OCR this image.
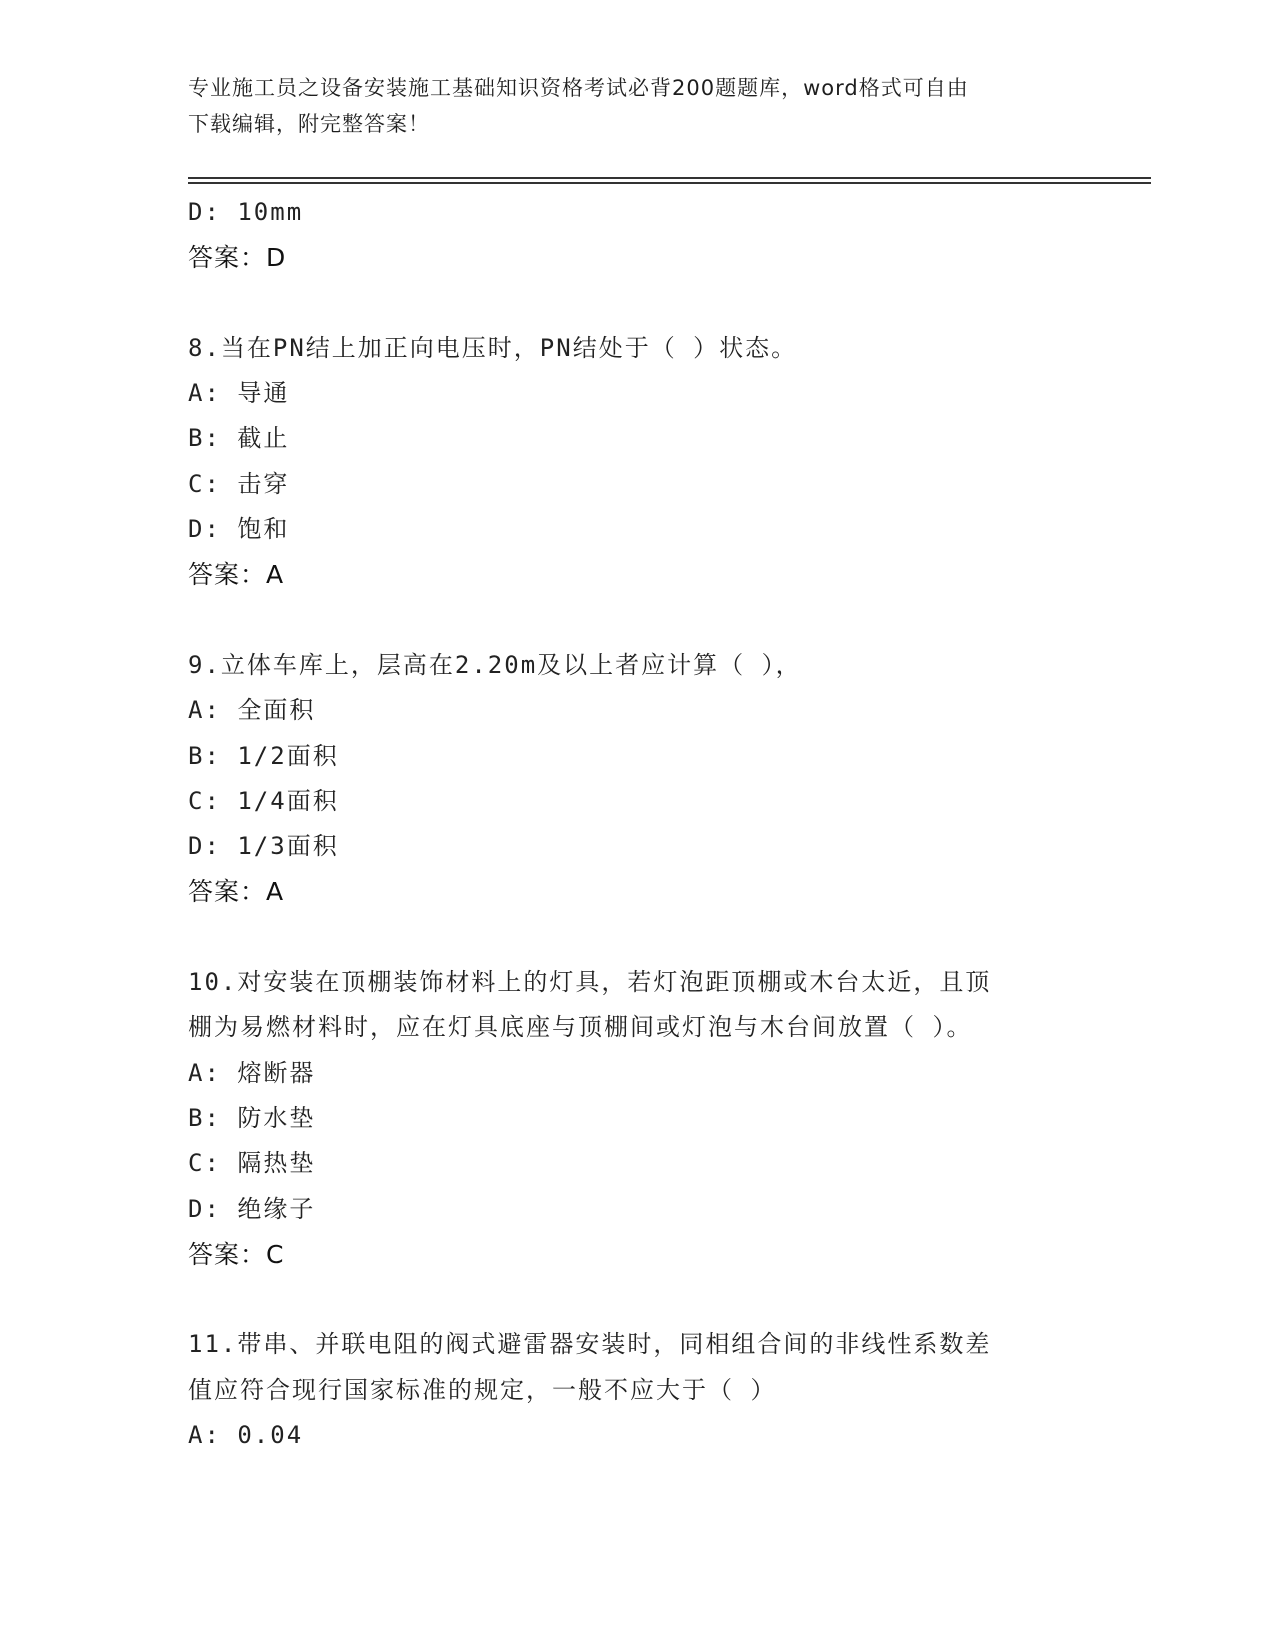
专业施工员之设备安装施工基础知识资格考试必背200题题库，word格式可自由
下载编辑，附完整答案！
D: 10mm
答案：D
8.当在PN结上加正向电压时，PN结处于（ ）状态。
A: 导通
B: 截止
C: 击穿
D: 饱和
答案：A
9.立体车库上，层高在2.20m及以上者应计算（ ），
A: 全面积
B: 1/2面积
C: 1/4面积
D: 1/3面积
答案：A
10.对安装在顶棚装饰材料上的灯具，若灯泡距顶棚或木台太近，且顶
棚为易燃材料时，应在灯具底座与顶棚间或灯泡与木台间放置（ ）。
A: 熔断器
B: 防水垫
C: 隔热垫
D: 绝缘子
答案：C
11.带串、并联电阻的阀式避雷器安装时，同相组合间的非线性系数差
值应符合现行国家标准的规定，一般不应大于（ ）
A: 0.04
